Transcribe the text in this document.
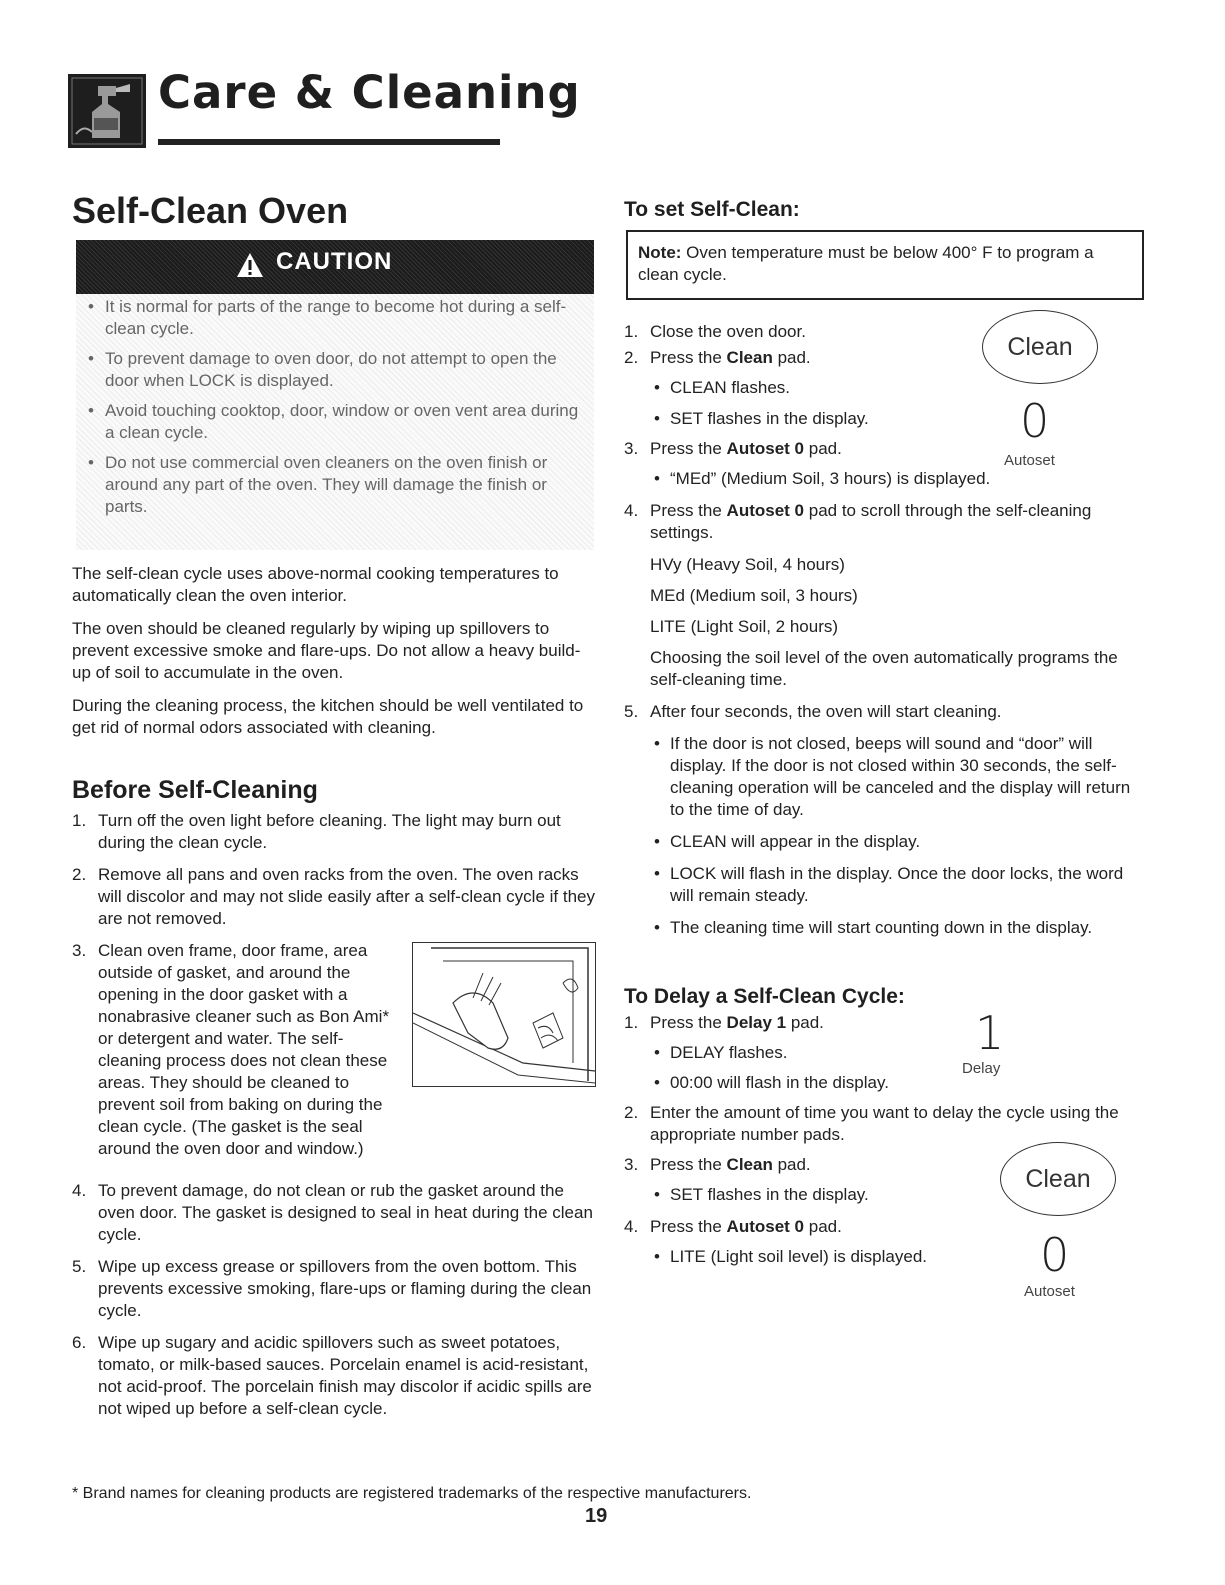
Care & Cleaning
Self-Clean Oven
CAUTION
• It is normal for parts of the range to become hot during a self-clean cycle.
• To prevent damage to oven door, do not attempt to open the door when LOCK is displayed.
• Avoid touching cooktop, door, window or oven vent area during a clean cycle.
• Do not use commercial oven cleaners on the oven finish or around any part of the oven. They will damage the finish or parts.

The self-clean cycle uses above-normal cooking temperatures to automatically clean the oven interior.

The oven should be cleaned regularly by wiping up spillovers to prevent excessive smoke and flare-ups. Do not allow a heavy build-up of soil to accumulate in the oven.

During the cleaning process, the kitchen should be well ventilated to get rid of normal odors associated with cleaning.

Before Self-Cleaning
1. Turn off the oven light before cleaning. The light may burn out during the clean cycle.
2. Remove all pans and oven racks from the oven. The oven racks will discolor and may not slide easily after a self-clean cycle if they are not removed.
3. Clean oven frame, door frame, area outside of gasket, and around the opening in the door gasket with a nonabrasive cleaner such as Bon Ami* or detergent and water. The self-cleaning process does not clean these areas. They should be cleaned to prevent soil from baking on during the clean cycle. (The gasket is the seal around the oven door and window.)
4. To prevent damage, do not clean or rub the gasket around the oven door. The gasket is designed to seal in heat during the clean cycle.
5. Wipe up excess grease or spillovers from the oven bottom. This prevents excessive smoking, flare-ups or flaming during the clean cycle.
6. Wipe up sugary and acidic spillovers such as sweet potatoes, tomato, or milk-based sauces. Porcelain enamel is acid-resistant, not acid-proof. The porcelain finish may discolor if acidic spills are not wiped up before a self-clean cycle.
To set Self-Clean:

Note: Oven temperature must be below 400° F to program a clean cycle.

1. Close the oven door.
2. Press the Clean pad.
• CLEAN flashes.
• SET flashes in the display.
3. Press the Autoset 0 pad.
• “MEd” (Medium Soil, 3 hours) is displayed.
4. Press the Autoset 0 pad to scroll through the self-cleaning settings.
HVy (Heavy Soil, 4 hours)
MEd (Medium soil, 3 hours)
LITE (Light Soil, 2 hours)
Choosing the soil level of the oven automatically programs the self-cleaning time.
5. After four seconds, the oven will start cleaning.
• If the door is not closed, beeps will sound and “door” will display. If the door is not closed within 30 seconds, the self-cleaning operation will be canceled and the display will return to the time of day.
• CLEAN will appear in the display.
• LOCK will flash in the display. Once the door locks, the word will remain steady.
• The cleaning time will start counting down in the display.
Clean
0
Autoset
To Delay a Self-Clean Cycle:
1. Press the Delay 1 pad.
• DELAY flashes.
• 00:00 will flash in the display.
2. Enter the amount of time you want to delay the cycle using the appropriate number pads.
3. Press the Clean pad.
• SET flashes in the display.
4. Press the Autoset 0 pad.
• LITE (Light soil level) is displayed.
1
Delay
Clean
0
Autoset
* Brand names for cleaning products are registered trademarks of the respective manufacturers.
19
